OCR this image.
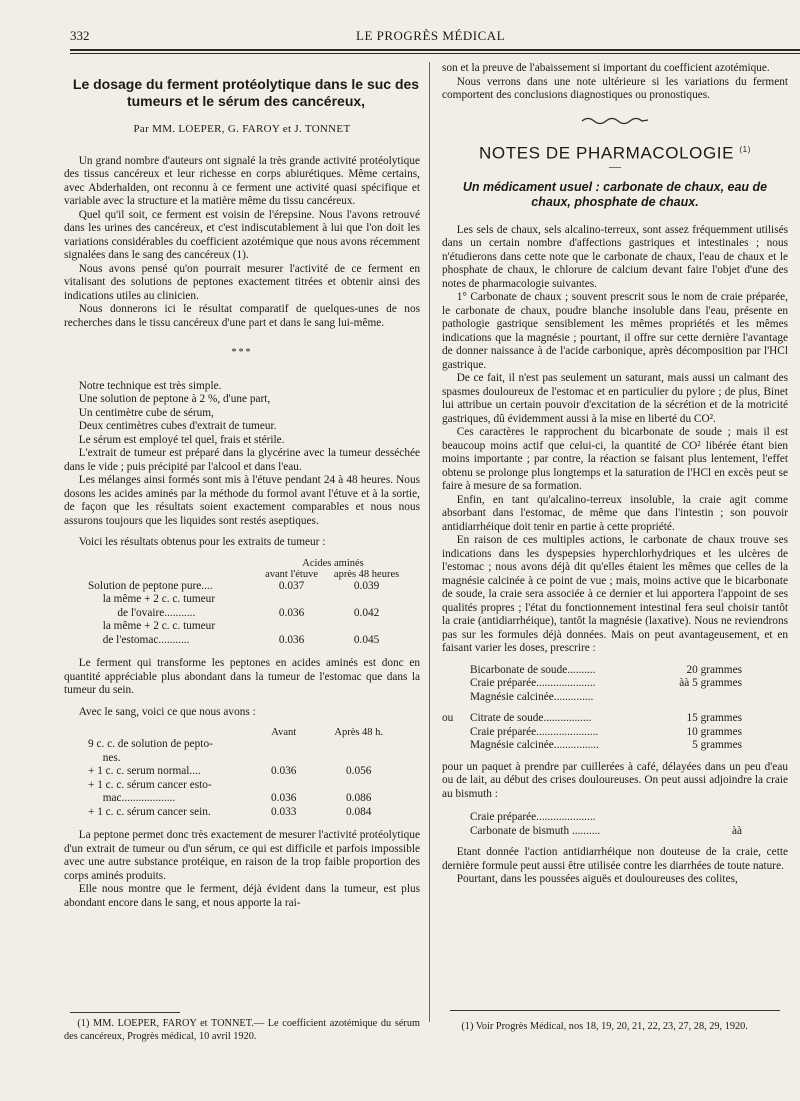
332	LE PROGRÈS MÉDICAL

Le dosage du ferment protéolytique dans le suc des tumeurs et le sérum des cancéreux,

Par MM. LOEPER, G. FAROY et J. TONNET

Un grand nombre d'auteurs ont signalé la très grande activité protéolytique des tissus cancéreux et leur richesse en corps abiurétiques. Même certains, avec Abderhalden, ont reconnu à ce ferment une activité quasi spécifique et variable avec la structure et la matière même du tissu cancéreux.

Quel qu'il soit, ce ferment est voisin de l'érepsine. Nous l'avons retrouvé dans les urines des cancéreux, et c'est indiscutablement à lui que l'on doit les variations considérables du coefficient azotémique que nous avons récemment signalées dans le sang des cancéreux (1).

Nous avons pensé qu'on pourrait mesurer l'activité de ce ferment en vitalisant des solutions de peptones exactement titrées et obtenir ainsi des indications utiles au clinicien.

Nous donnerons ici le résultat comparatif de quelques-unes de nos recherches dans le tissu cancéreux d'une part et dans le sang lui-même.

***

Notre technique est très simple.

Une solution de peptone à 2 %, d'une part,

Un centimètre cube de sérum,

Deux centimètres cubes d'extrait de tumeur.

Le sérum est employé tel quel, frais et stérile.

L'extrait de tumeur est préparé dans la glycérine avec la tumeur desséchée dans le vide ; puis précipité par l'alcool et dans l'eau.

Les mélanges ainsi formés sont mis à l'étuve pendant 24 à 48 heures. Nous dosons les acides aminés par la méthode du formol avant l'étuve et à la sortie, de façon que les résultats soient exactement comparables et nous nous assurons toujours que les liquides sont restés aseptiques.

Voici les résultats obtenus pour les extraits de tumeur :

	Acides aminés	
	avant l'étuve	après 48 heures
Solution de peptone pure....	0.037	0.039
la même + 2 c. c. tumeur		
de l'ovaire...........	0.036	0.042
la même + 2 c. c. tumeur		
de l'estomac...........	0.036	0.045

Le ferment qui transforme les peptones en acides aminés est donc en quantité appréciable plus abondant dans la tumeur de l'estomac que dans la tumeur du sein.

Avec le sang, voici ce que nous avons :

	Avant	Après 48 h.
9 c. c. de solution de pepto-		
nes.		
+ 1 c. c. serum normal....	0.036	0.056
+ 1 c. c. sérum cancer esto-		
mac...................	0.036	0.086
+ 1 c. c. sérum cancer sein.	0.033	0.084

La peptone permet donc très exactement de mesurer l'activité protéolytique d'un extrait de tumeur ou d'un sérum, ce qui est difficile et parfois impossible avec une autre substance protéique, en raison de la trop faible proportion des corps aminés produits.

Elle nous montre que le ferment, déjà évident dans la tumeur, est plus abondant encore dans le sang, et nous apporte la rai-

(1) MM. LOEPER, FAROY et TONNET.— Le coefficient azotémique du sérum des cancéreux, Progrès médical, 10 avril 1920.

son et la preuve de l'abaissement si important du coefficient azotémique.

Nous verrons dans une note ultérieure si les variations du ferment comportent des conclusions diagnostiques ou pronostiques.

NOTES DE PHARMACOLOGIE $^{(1)}$

—

Un médicament usuel : carbonate de chaux, eau de chaux, phosphate de chaux.

Les sels de chaux, sels alcalino-terreux, sont assez fréquemment utilisés dans un certain nombre d'affections gastriques et intestinales ; nous n'étudierons dans cette note que le carbonate de chaux, l'eau de chaux et le phosphate de chaux, le chlorure de calcium devant faire l'objet d'une des notes de pharmacologie suivantes.

1° Carbonate de chaux ; souvent prescrit sous le nom de craie préparée, le carbonate de chaux, poudre blanche insoluble dans l'eau, présente en pathologie gastrique sensiblement les mêmes propriétés et les mêmes indications que la magnésie ; pourtant, il offre sur cette dernière l'avantage de donner naissance à de l'acide carbonique, après décomposition par l'HCl gastrique.

De ce fait, il n'est pas seulement un saturant, mais aussi un calmant des spasmes douloureux de l'estomac et en particulier du pylore ; de plus, Binet lui attribue un certain pouvoir d'excitation de la sécrétion et de la motricité gastriques, dû évidemment aussi à la mise en liberté du CO².

Ces caractères le rapprochent du bicarbonate de soude ; mais il est beaucoup moins actif que celui-ci, la quantité de CO² libérée étant bien moins importante ; par contre, la réaction se faisant plus lentement, l'effet obtenu se prolonge plus longtemps et la saturation de l'HCl en excès peut se faire à mesure de sa formation.

Enfin, en tant qu'alcalino-terreux insoluble, la craie agit comme absorbant dans l'estomac, de même que dans l'intestin ; son pouvoir antidiarrhéique doit tenir en partie à cette propriété.

En raison de ces multiples actions, le carbonate de chaux trouve ses indications dans les dyspepsies hyperchlorhydriques et les ulcères de l'estomac ; nous avons déjà dit qu'elles étaient les mêmes que celles de la magnésie calcinée à ce point de vue ; mais, moins active que le bicarbonate de soude, la craie sera associée à ce dernier et lui apportera l'appoint de ses qualités propres ; l'état du fonctionnement intestinal fera seul choisir tantôt la craie (antidiarrhéique), tantôt la magnésie (laxative). Nous ne reviendrons pas sur les formules déjà données. Mais on peut avantageusement, et en faisant varier les doses, prescrire :

	Bicarbonate de soude..........	20 grammes
	Craie préparée.....................	àà 5 grammes
	Magnésie calcinée..............	

ou	Citrate de soude.................	15 grammes
	Craie préparée......................	10 grammes
	Magnésie calcinée................	5 grammes

pour un paquet à prendre par cuillerées à café, délayées dans un peu d'eau ou de lait, au début des crises douloureuses. On peut aussi adjoindre la craie au bismuth :

	Craie préparée.....................	
	Carbonate de bismuth ..........	àà

Etant donnée l'action antidiarrhéique non douteuse de la craie, cette dernière formule peut aussi être utilisée contre les diarrhées de toute nature.

Pourtant, dans les poussées aiguës et douloureuses des colites,

(1) Voir Progrès Médical, nos 18, 19, 20, 21, 22, 23, 27, 28, 29, 1920.
